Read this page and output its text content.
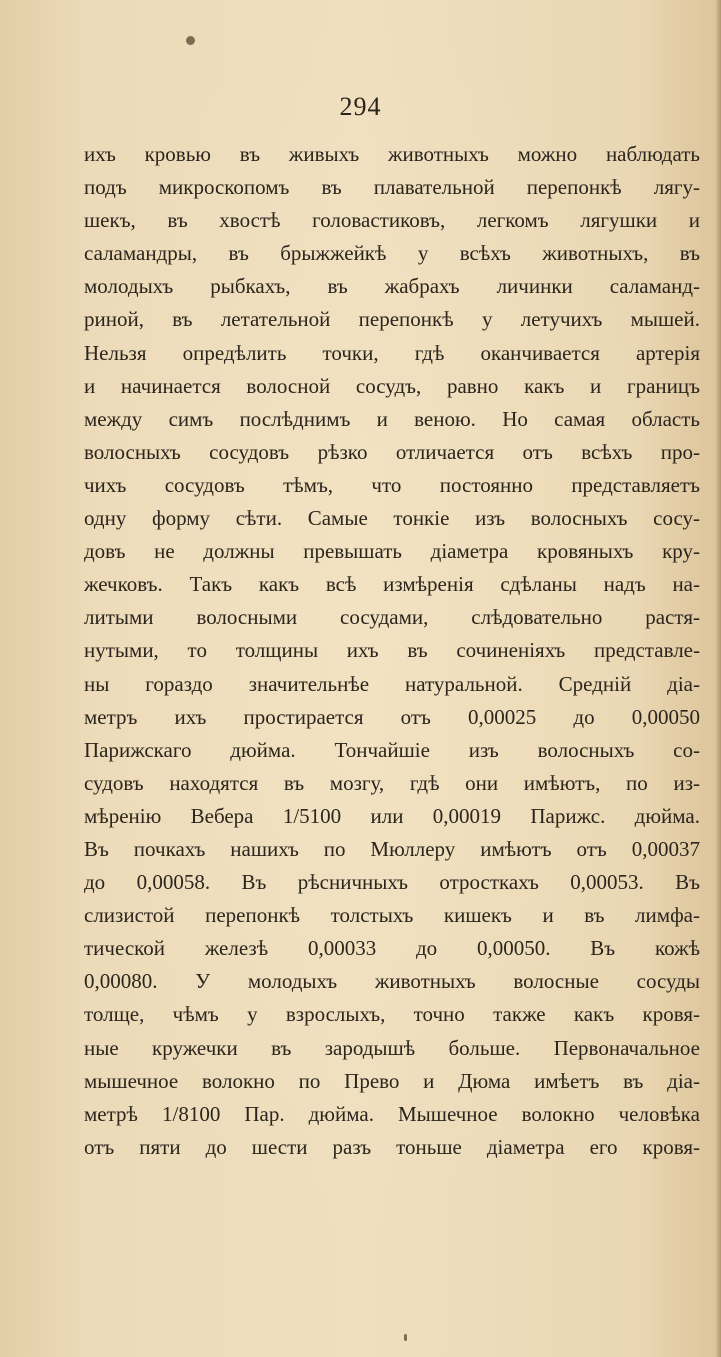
294
ихъ кровью въ живыхъ животныхъ можно наблюдать
подъ микроскопомъ въ плавательной перепонкѣ лягу-
шекъ, въ хвостѣ головастиковъ, легкомъ лягушки и
саламандры, въ брыжжейкѣ у всѣхъ животныхъ, въ
молодыхъ рыбкахъ, въ жабрахъ личинки саламанд-
риной, въ летательной перепонкѣ у летучихъ мышей.
Нельзя опредѣлить точки, гдѣ оканчивается артерія
и начинается волосной сосудъ, равно какъ и границъ
между симъ послѣднимъ и веною. Но самая область
волосныхъ сосудовъ рѣзко отличается отъ всѣхъ про-
чихъ сосудовъ тѣмъ, что постоянно представляетъ
одну форму сѣти. Самые тонкіе изъ волосныхъ сосу-
довъ не должны превышать діаметра кровяныхъ кру-
жечковъ. Такъ какъ всѣ измѣренія сдѣланы надъ на-
литыми волосными сосудами, слѣдовательно растя-
нутыми, то толщины ихъ въ сочиненіяхъ представле-
ны гораздо значительнѣе натуральной. Средній діа-
метръ ихъ простирается отъ 0,00025 до 0,00050
Парижскаго дюйма. Тончайшіе изъ волосныхъ со-
судовъ находятся въ мозгу, гдѣ они имѣютъ, по из-
мѣренію Вебера 1/5100 или 0,00019 Парижс. дюйма.
Въ почкахъ нашихъ по Мюллеру имѣютъ отъ 0,00037
до 0,00058. Въ рѣсничныхъ отросткахъ 0,00053. Въ
слизистой перепонкѣ толстыхъ кишекъ и въ лимфа-
тической железѣ 0,00033 до 0,00050. Въ кожѣ
0,00080. У молодыхъ животныхъ волосные сосуды
толще, чѣмъ у взрослыхъ, точно также какъ кровя-
ные кружечки въ зародышѣ больше. Первоначальное
мышечное волокно по Прево и Дюма имѣетъ въ діа-
метрѣ 1/8100 Пар. дюйма. Мышечное волокно человѣка
отъ пяти до шести разъ тоньше діаметра его кровя-
